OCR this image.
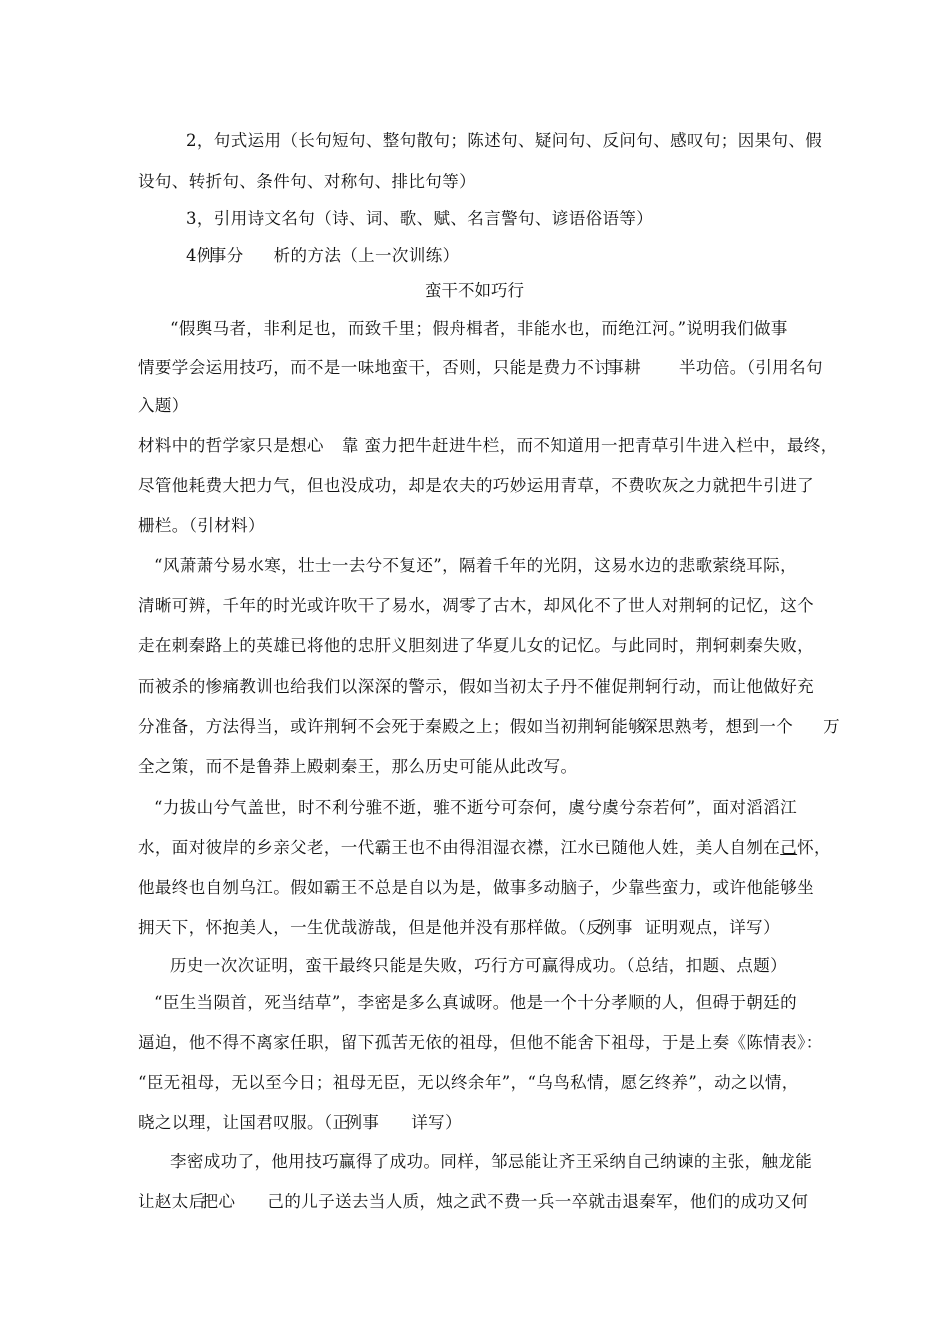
2，句式运用（长句短句、整句散句；陈述句、疑问句、反问句、感叹句；因果句、假
设句、转折句、条件句、对称句、排比句等）
3，引用诗文名句（诗、词、歌、赋、名言警句、谚语俗语等）
4例事分 析的方法（上一次训练）
蛮干不如巧行
“假舆马者，非利足也，而致千里；假舟楫者，非能水也，而绝江河。”说明我们做事
情要学会运用技巧，而不是一味地蛮干，否则，只能是费力不讨事耕 半功倍。（引用名句
入题）
材料中的哲学家只是想心 靠 蛮力把牛赶进牛栏，而不知道用一把青草引牛进入栏中，最终，
尽管他耗费大把力气，但也没成功，却是农夫的巧妙运用青草，不费吹灰之力就把牛引进了
栅栏。（引材料）
“风萧萧兮易水寒，壮士一去兮不复还”，隔着千年的光阴，这易水边的悲歌萦绕耳际，
清晰可辨，千年的时光或许吹干了易水，凋零了古木，却风化不了世人对荆轲的记忆，这个
走在刺秦路上的英雄已将他的忠肝义胆刻进了华夏儿女的记忆。与此同时，荆轲刺秦失败，
而被杀的惨痛教训也给我们以深深的警示，假如当初太子丹不催促荆轲行动，而让他做好充
分准备，方法得当，或许荆轲不会死于秦殿之上；假如当初荆轲能够深思熟考，想到一个 万
全之策，而不是鲁莽上殿刺秦王，那么历史可能从此改写。
“力拔山兮气盖世，时不利兮骓不逝，骓不逝兮可奈何，虞兮虞兮奈若何”，面对滔滔江
水，面对彼岸的乡亲父老，一代霸王也不由得泪湿衣襟，江水已随他人姓，美人自刎在己怀，
他最终也自刎乌江。假如霸王不总是自以为是，做事多动脑子，少靠些蛮力，或许他能够坐
拥天下，怀抱美人，一生优哉游哉，但是他并没有那样做。（反例事 证明观点，详写）
历史一次次证明，蛮干最终只能是失败，巧行方可赢得成功。（总结，扣题、点题）
“臣生当陨首，死当结草”，李密是多么真诚呀。他是一个十分孝顺的人，但碍于朝廷的
逼迫，他不得不离家任职，留下孤苦无依的祖母，但他不能舍下祖母，于是上奏《陈情表》：
“臣无祖母，无以至今日；祖母无臣，无以终余年”，“乌鸟私情，愿乞终养”，动之以情，
晓之以理，让国君叹服。（正例事 详写）
李密成功了，他用技巧赢得了成功。同样，邹忌能让齐王采纳自己纳谏的主张，触龙能
让赵太后把心 己的儿子送去当人质，烛之武不费一兵一卒就击退秦军，他们的成功又何
